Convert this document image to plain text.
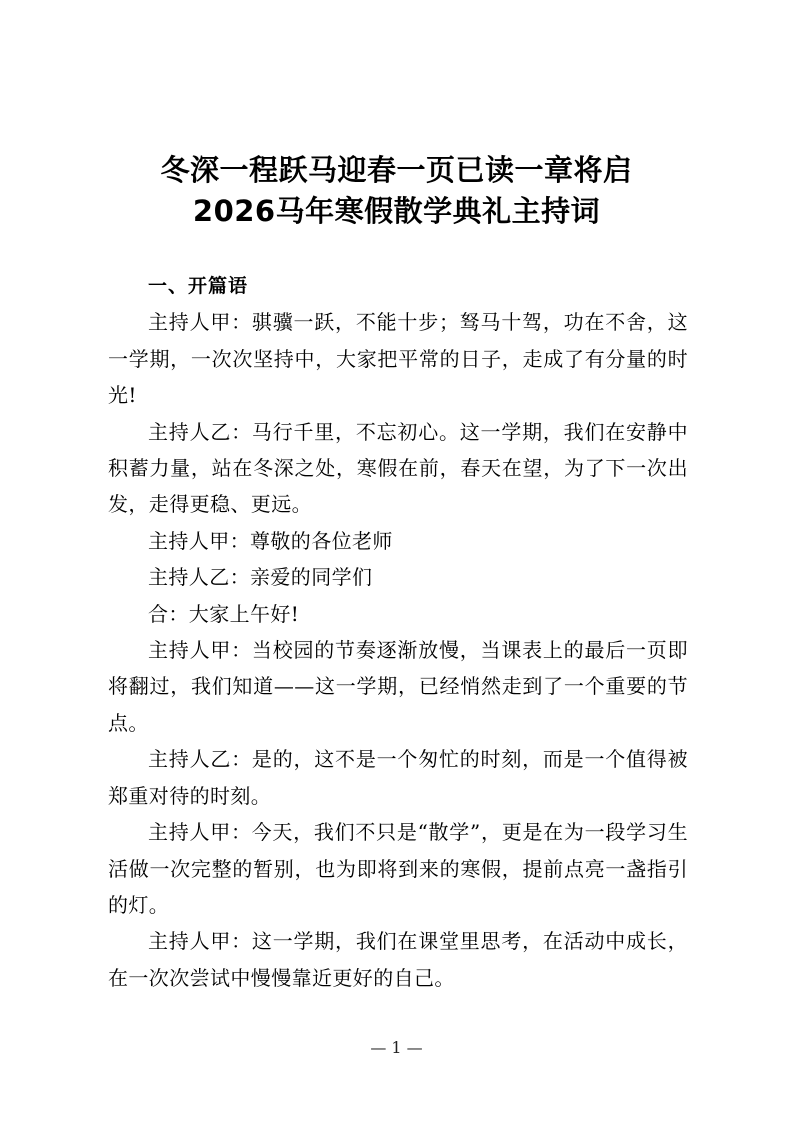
冬深一程跃马迎春一页已读一章将启
2026马年寒假散学典礼主持词

一、开篇语

主持人甲：骐骥一跃，不能十步；驽马十驾，功在不舍，这一学期，一次次坚持中，大家把平常的日子，走成了有分量的时光!

主持人乙：马行千里，不忘初心。这一学期，我们在安静中积蓄力量，站在冬深之处，寒假在前，春天在望，为了下一次出发，走得更稳、更远。

主持人甲：尊敬的各位老师

主持人乙：亲爱的同学们

合：大家上午好!

主持人甲：当校园的节奏逐渐放慢，当课表上的最后一页即将翻过，我们知道——这一学期，已经悄然走到了一个重要的节点。

主持人乙：是的，这不是一个匆忙的时刻，而是一个值得被郑重对待的时刻。

主持人甲：今天，我们不只是“散学”，更是在为一段学习生活做一次完整的暂别，也为即将到来的寒假，提前点亮一盏指引的灯。

主持人甲：这一学期，我们在课堂里思考，在活动中成长，在一次次尝试中慢慢靠近更好的自己。

— 1 —
